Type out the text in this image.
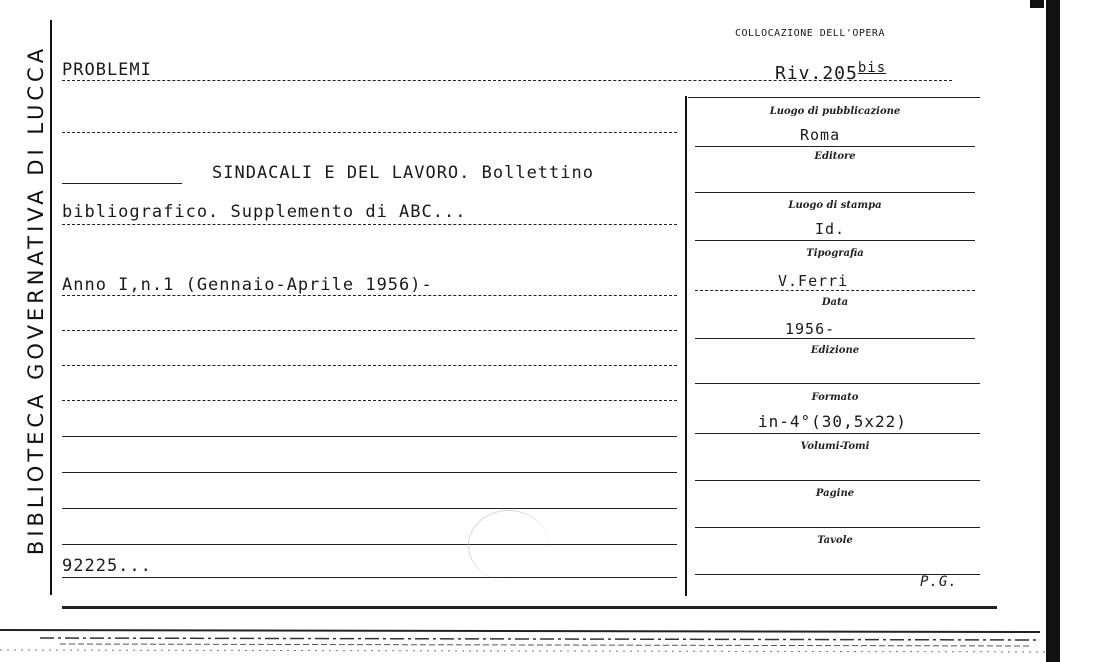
BIBLIOTECA GOVERNATIVA DI LUCCA
COLLOCAZIONE DELL'OPERA
$Riv.205^{bis}$
PROBLEMI
SINDACALI E DEL LAVORO. Bollettino
bibliografico. Supplemento di ABC...
Anno I,n.1 (Gennaio-Aprile 1956)-
92225...
Luogo di pubblicazione
Roma
Editore
Luogo di stampa
Id.
Tipografia
V.Ferri
Data
1956-
Edizione
Formato
in-4°(30,5x22)
Volumi-Tomi
Pagine
Tavole
P.G.
